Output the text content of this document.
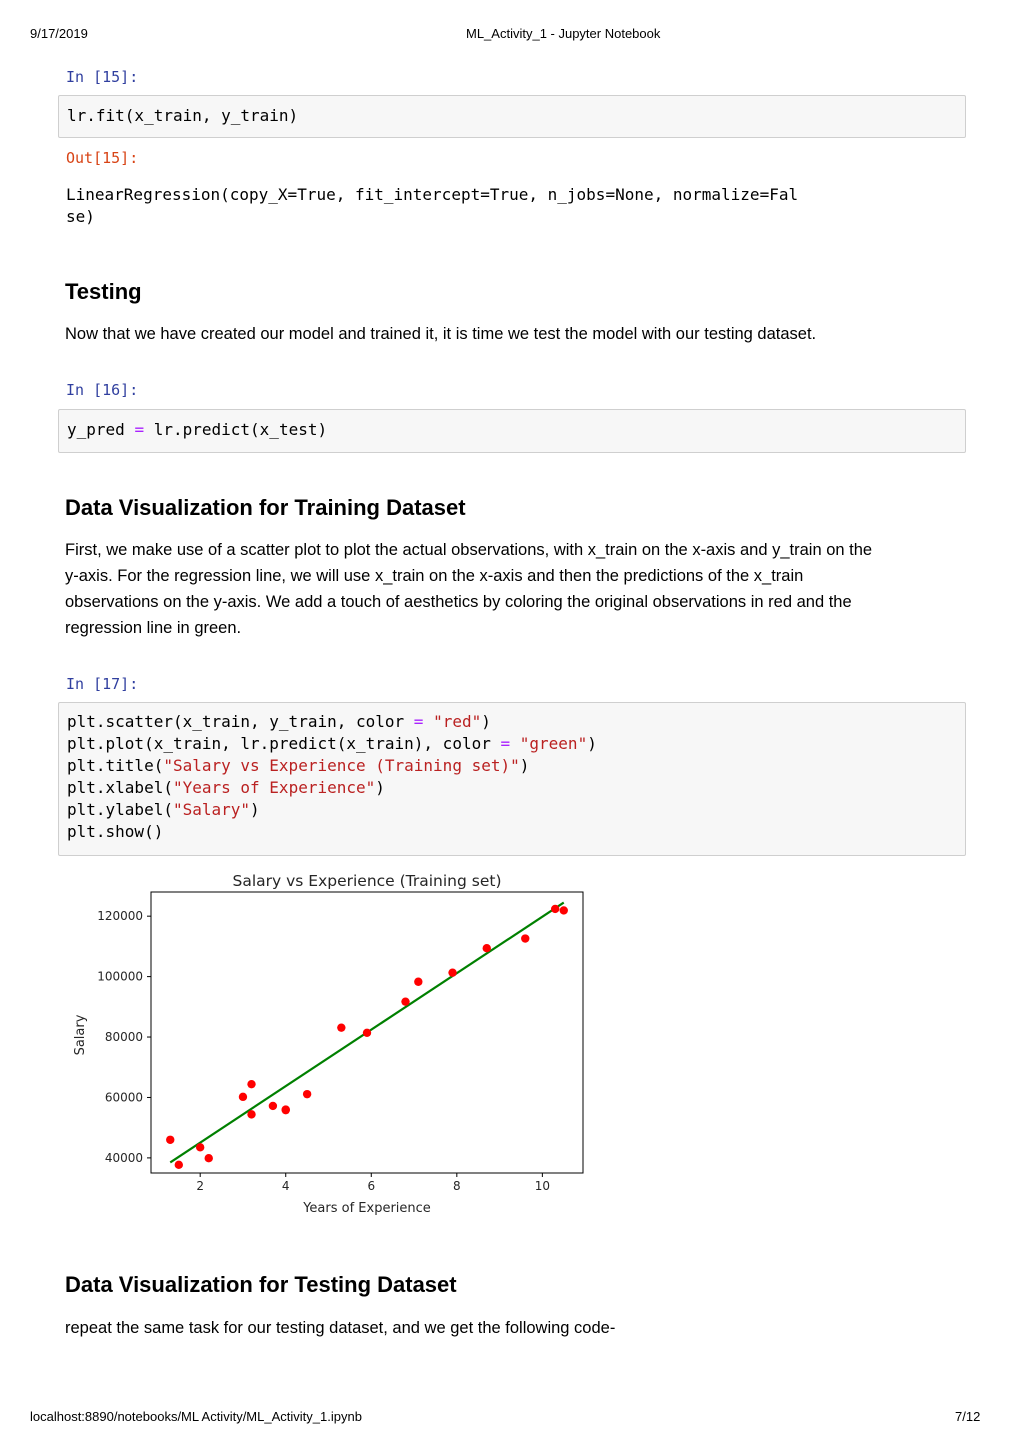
9/17/2019	ML_Activity_1 - Jupyter Notebook
localhost:8890/notebooks/ML Activity/ML_Activity_1.ipynb	7/12
In [15]:
lr.fit(x_train, y_train)
Out[15]:
LinearRegression(copy_X=True, fit_intercept=True, n_jobs=None, normalize=Fal
se)
Testing

Now that we have created our model and trained it, it is time we test the model with our testing dataset.

In [16]:
y_pred = lr.predict(x_test)
Data Visualization for Training Dataset

First, we make use of a scatter plot to plot the actual observations, with x_train on the x-axis and y_train on the

y-axis. For the regression line, we will use x_train on the x-axis and then the predictions of the x_train

observations on the y-axis. We add a touch of aesthetics by coloring the original observations in red and the

regression line in green.

In [17]:
plt.scatter(x_train, y_train, color = "red")
plt.plot(x_train, lr.predict(x_train), color = "green")
plt.title("Salary vs Experience (Training set)")
plt.xlabel("Years of Experience")
plt.ylabel("Salary")
plt.show()
Salary vs Experience (Training set)
2	4	6	8	10
40000
60000
80000
100000
120000
Years of Experience
Salary
Data Visualization for Testing Dataset

repeat the same task for our testing dataset, and we get the following code-
